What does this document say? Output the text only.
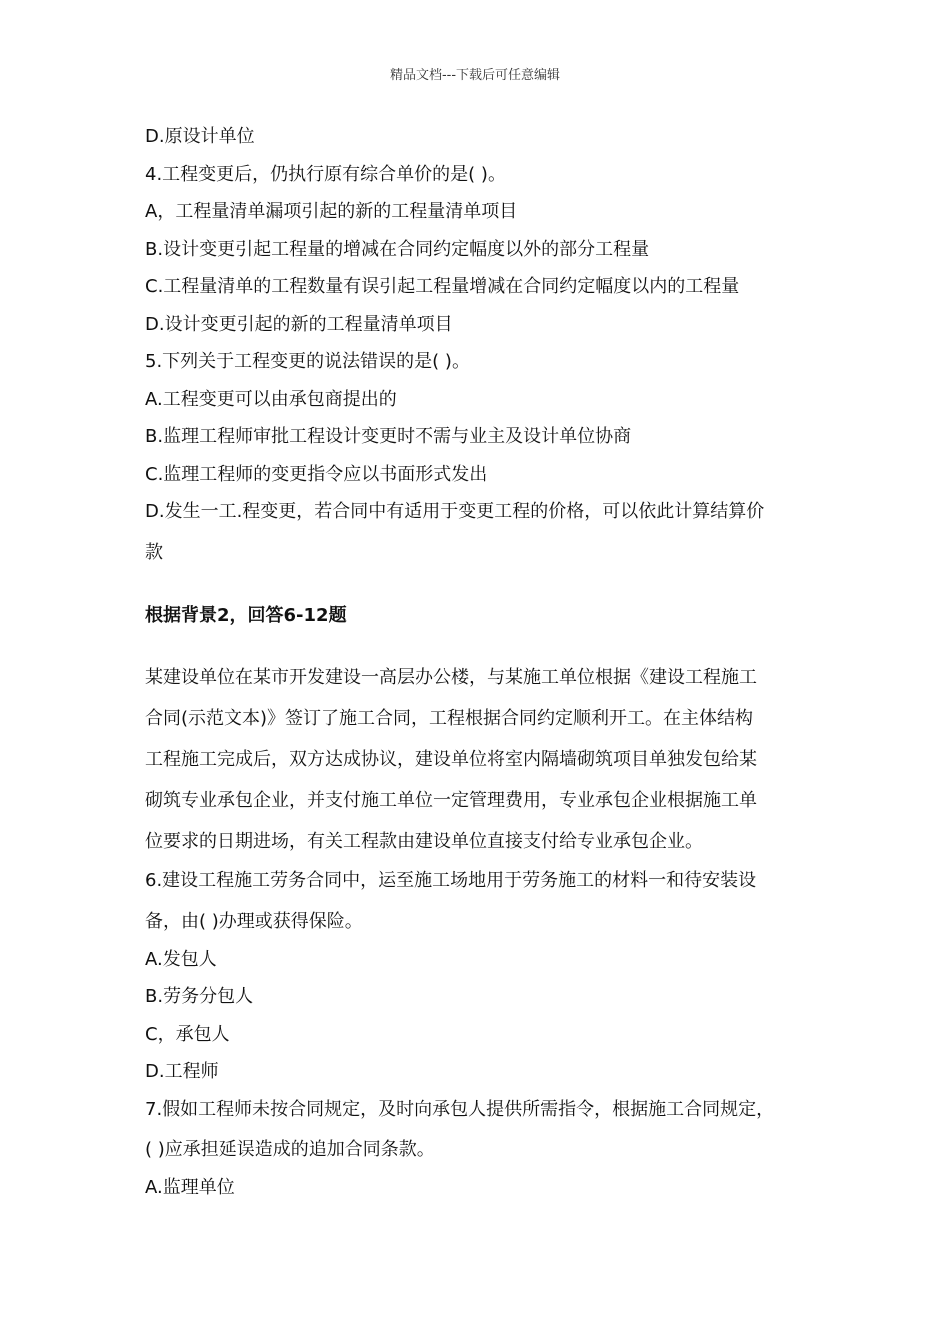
精品文档---下载后可任意编辑
D.原设计单位
4.工程变更后，仍执行原有综合单价的是( )。
A，工程量清单漏项引起的新的工程量清单项目
B.设计变更引起工程量的增减在合同约定幅度以外的部分工程量
C.工程量清单的工程数量有误引起工程量增减在合同约定幅度以内的工程量
D.设计变更引起的新的工程量清单项目
5.下列关于工程变更的说法错误的是( )。
A.工程变更可以由承包商提出的
B.监理工程师审批工程设计变更时不需与业主及设计单位协商
C.监理工程师的变更指令应以书面形式发出
D.发生一工.程变更，若合同中有适用于变更工程的价格，可以依此计算结算价
款
根据背景2，回答6-12题
某建设单位在某市开发建设一高层办公楼，与某施工单位根据《建设工程施工
合同(示范文本)》签订了施工合同，工程根据合同约定顺利开工。在主体结构
工程施工完成后，双方达成协议，建设单位将室内隔墙砌筑项目单独发包给某
砌筑专业承包企业，并支付施工单位一定管理费用，专业承包企业根据施工单
位要求的日期进场，有关工程款由建设单位直接支付给专业承包企业。
6.建设工程施工劳务合同中，运至施工场地用于劳务施工的材料一和待安装设
备，由( )办理或获得保险。
A.发包人
B.劳务分包人
C，承包人
D.工程师
7.假如工程师未按合同规定，及时向承包人提供所需指令，根据施工合同规定，
( )应承担延误造成的追加合同条款。
A.监理单位
